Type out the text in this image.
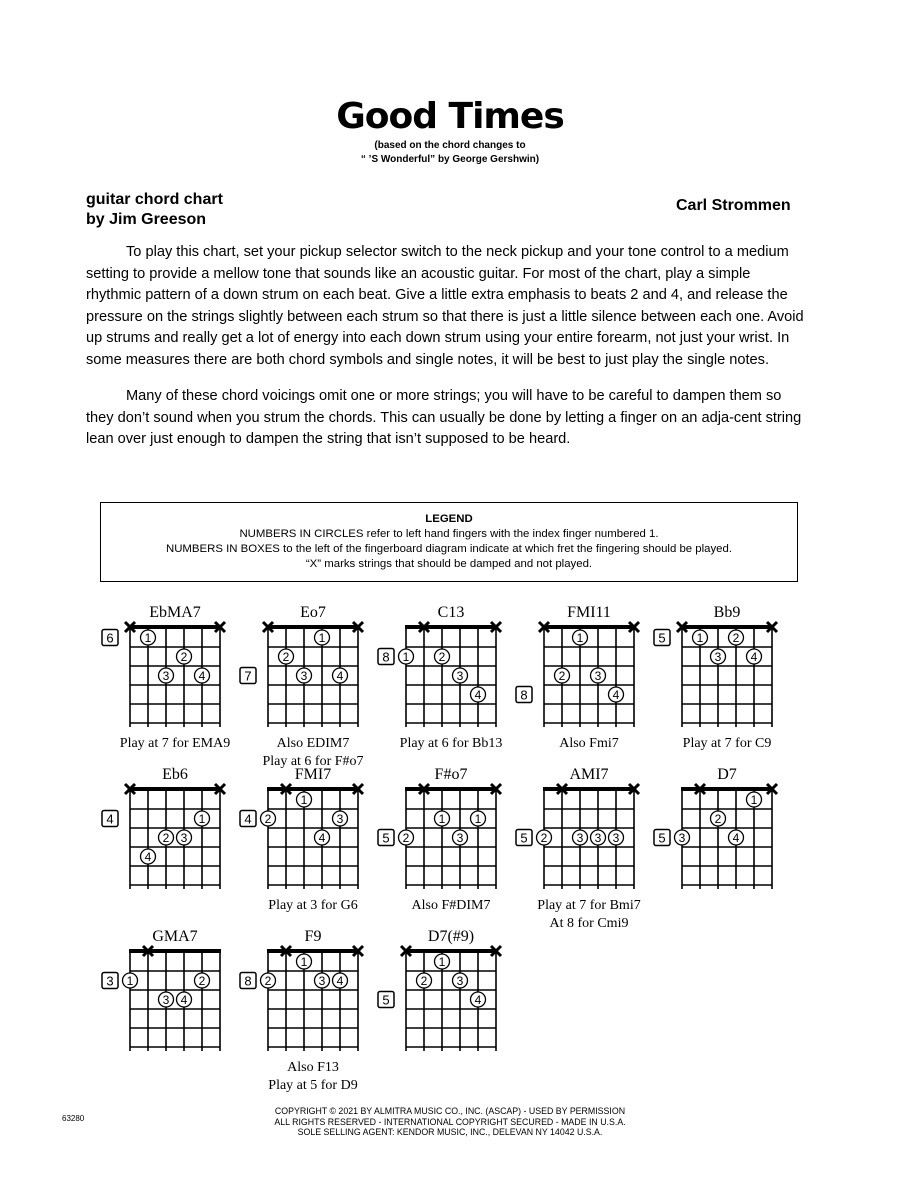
Good Times
(based on the chord changes to
“ ’S Wonderful” by George Gershwin)
guitar chord chart
by Jim Greeson
Carl Strommen

To play this chart, set your pickup selector switch to the neck pickup and your tone control to a medium setting to provide a mellow tone that sounds like an acoustic guitar. For most of the chart, play a simple rhythmic pattern of a down strum on each beat. Give a little extra emphasis to beats 2 and 4, and release the pressure on the strings slightly between each strum so that there is just a little silence between each one. Avoid up strums and really get a lot of energy into each down strum using your entire forearm, not just your wrist. In some measures there are both chord symbols and single notes, it will be best to just play the single notes.

Many of these chord voicings omit one or more strings; you will have to be careful to dampen them so they don’t sound when you strum the chords. This can usually be done by letting a finger on an adja-cent string lean over just enough to dampen the string that isn’t supposed to be heard.

LEGEND
NUMBERS IN CIRCLES refer to left hand fingers with the index finger numbered 1.
NUMBERS IN BOXES to the left of the fingerboard diagram indicate at which fret the fingering should be played.
“X” marks strings that should be damped and not played.
EbMA7
1
2
3 4
6
Play at 7 for EMA9
Eo7
1
2
3 4
7
Also EDIM7
Play at 6 for F#o7
C13
1 2
3
4
8
Play at 6 for Bb13
FMI11
1
2 3
4
8
Also Fmi7
Bb9
1 2
3 4
5
Play at 7 for C9
Eb6
1
2 3
4
4
FMI7
1
2	3
4
4
Play at 3 for G6
F#o7
1 1
2	3
5
Also F#DIM7
AMI7
2 3 3 3
5
Play at 7 for Bmi7
At 8 for Cmi9
D7
1
2
3	4
5
GMA7
1	2
3 4
3
F9
1
2	3 4
8
Also F13
Play at 5 for D9
D7(#9)
1
2 3
4
5
63280
COPYRIGHT © 2021 BY ALMITRA MUSIC CO., INC. (ASCAP) - USED BY PERMISSION
ALL RIGHTS RESERVED - INTERNATIONAL COPYRIGHT SECURED - MADE IN U.S.A.
SOLE SELLING AGENT: KENDOR MUSIC, INC., DELEVAN NY 14042 U.S.A.
